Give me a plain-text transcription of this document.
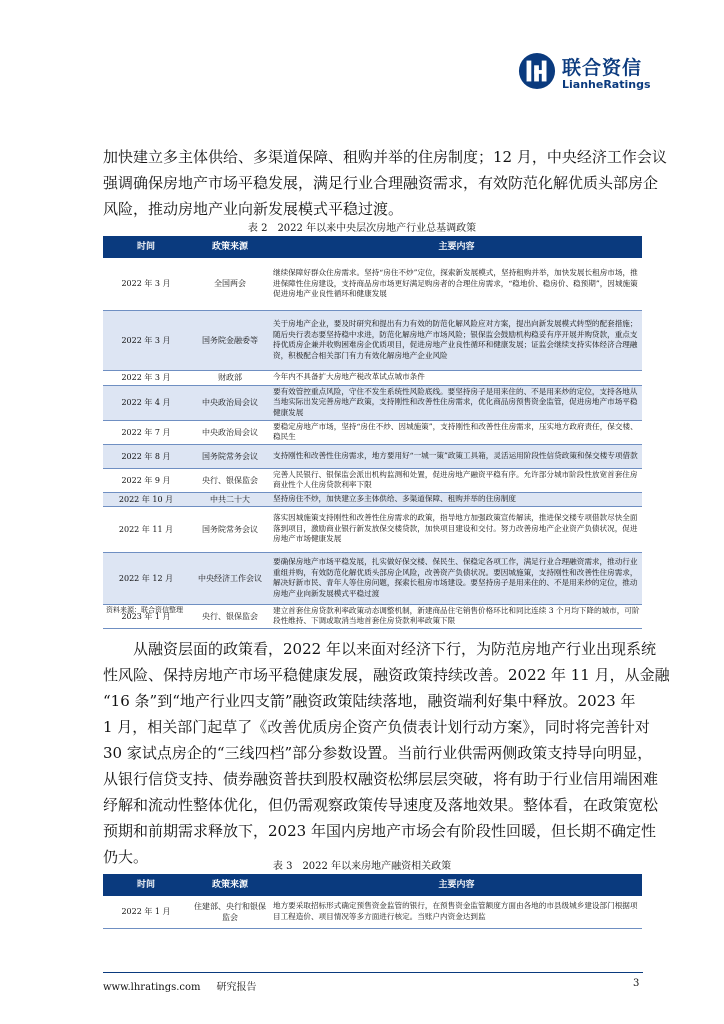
联合资信
LianheRatings
加快建立多主体供给、多渠道保障、租购并举的住房制度；12 月，中央经济工作会议
强调确保房地产市场平稳发展，满足行业合理融资需求，有效防范化解优质头部房企
风险，推动房地产业向新发展模式平稳过渡。
表 2　2022 年以来中央层次房地产行业总基调政策
时间	政策来源	主要内容
2022 年 3 月	全国两会	继续保障好群众住房需求。坚持“房住不炒”定位，探索新发展模式，坚持租购并举，加快发展长租房市场，推进保障性住房建设，支持商品房市场更好满足购房者的合理住房需求，“稳地价、稳房价、稳预期”，因城施策促进房地产业良性循环和健康发展
2022 年 3 月	国务院金融委等	关于房地产企业，要及时研究和提出有力有效的防范化解风险应对方案，提出向新发展模式转型的配套措施；随后央行表态要坚持稳中求进，防范化解房地产市场风险；银保监会鼓励机构稳妥有序开展并购贷款，重点支持优质房企兼并收购困难房企优质项目，促进房地产业良性循环和健康发展；证监会继续支持实体经济合理融资，积极配合相关部门有力有效化解房地产企业风险
2022 年 3 月	财政部	今年内不具备扩大房地产税改革试点城市条件
2022 年 4 月	中央政治局会议	要有效管控重点风险，守住不发生系统性风险底线。要坚持房子是用来住的、不是用来炒的定位，支持各地从当地实际出发完善房地产政策，支持刚性和改善性住房需求，优化商品房预售资金监管，促进房地产市场平稳健康发展
2022 年 7 月	中央政治局会议	要稳定房地产市场，坚持“房住不炒、因城施策”，支持刚性和改善性住房需求，压实地方政府责任，保交楼、稳民生
2022 年 8 月	国务院常务会议	支持刚性和改善性住房需求，地方要用好“一城一策”政策工具箱，灵活运用阶段性信贷政策和保交楼专项借款
2022 年 9 月	央行、银保监会	完善人民银行、银保监会派出机构监测和处置，促进房地产融资平稳有序。允许部分城市阶段性放宽首套住房商业性个人住房贷款利率下限
2022 年 10 月	中共二十大	坚持房住不炒，加快建立多主体供给、多渠道保障、租购并举的住房制度
2022 年 11 月	国务院常务会议	落实因城施策支持刚性和改善性住房需求的政策，指导地方加强政策宣传解读，推进保交楼专项借款尽快全面落到项目，激励商业银行新发放保交楼贷款，加快项目建设和交付。努力改善房地产企业资产负债状况，促进房地产市场健康发展
2022 年 12 月	中央经济工作会议	要确保房地产市场平稳发展，扎实做好保交楼、保民生、保稳定各项工作，满足行业合理融资需求，推动行业重组并购，有效防范化解优质头部房企风险，改善资产负债状况。要因城施策，支持刚性和改善性住房需求，解决好新市民、青年人等住房问题，探索长租房市场建设。要坚持房子是用来住的、不是用来炒的定位，推动房地产业向新发展模式平稳过渡
2023 年 1 月	央行、银保监会	建立首套住房贷款利率政策动态调整机制，新建商品住宅销售价格环比和同比连续 3 个月均下降的城市，可阶段性维持、下调或取消当地首套住房贷款利率政策下限
资料来源：联合资信整理
　　从融资层面的政策看，2022 年以来面对经济下行，为防范房地产行业出现系统
性风险、保持房地产市场平稳健康发展，融资政策持续改善。2022 年 11 月，从金融
“16 条”到“地产行业四支箭”融资政策陆续落地，融资端利好集中释放。2023 年
1 月，相关部门起草了《改善优质房企资产负债表计划行动方案》，同时将完善针对
30 家试点房企的“三线四档”部分参数设置。当前行业供需两侧政策支持导向明显，
从银行信贷支持、债券融资普扶到股权融资松绑层层突破，将有助于行业信用端困难
纾解和流动性整体优化，但仍需观察政策传导速度及落地效果。整体看，在政策宽松
预期和前期需求释放下，2023 年国内房地产市场会有阶段性回暖，但长期不确定性
仍大。
表 3　2022 年以来房地产融资相关政策
时间	政策来源	主要内容
2022 年 1 月	住建部、央行和银保监会	地方要采取招标形式确定预售资金监管的银行，在预售资金监管额度方面由各地的市县级城乡建设部门根据项目工程造价、项目情况等多方面进行核定。当账户内资金达到监
www.lhratings.com 研究报告	3
